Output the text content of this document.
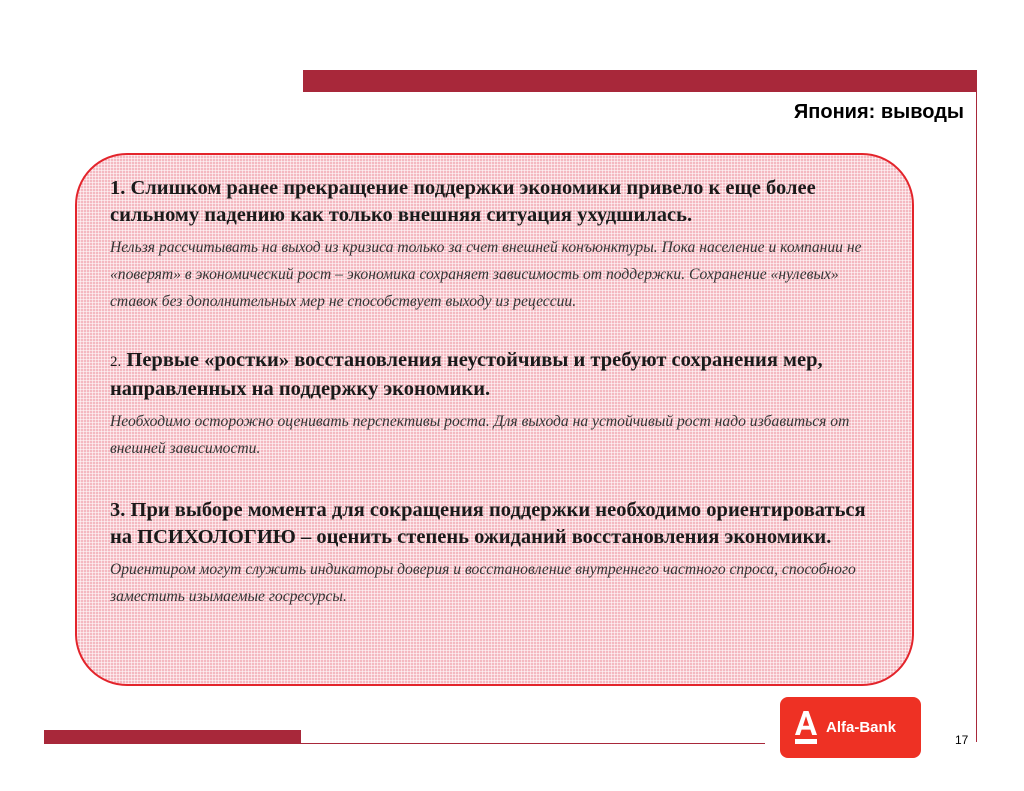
Япония: выводы
1. Слишком ранее прекращение поддержки экономики привело к еще более сильному падению как только внешняя ситуация ухудшилась.
Нельзя рассчитывать на выход из кризиса только за счет внешней конъюнктуры. Пока население и компании не «поверят» в экономический рост – экономика сохраняет зависимость от поддержки. Сохранение «нулевых» ставок без дополнительных мер не способствует выходу из рецессии.
2. Первые «ростки» восстановления неустойчивы и требуют сохранения мер, направленных на поддержку экономики.
Необходимо осторожно оценивать перспективы роста. Для выхода на устойчивый рост надо избавиться от внешней зависимости.
3. При выборе момента для сокращения поддержки необходимо ориентироваться на ПСИХОЛОГИЮ – оценить степень ожиданий восстановления экономики.
Ориентиром могут служить индикаторы доверия и восстановление внутреннего частного спроса, способного заместить изымаемые госресурсы.
Alfa-Bank
17
